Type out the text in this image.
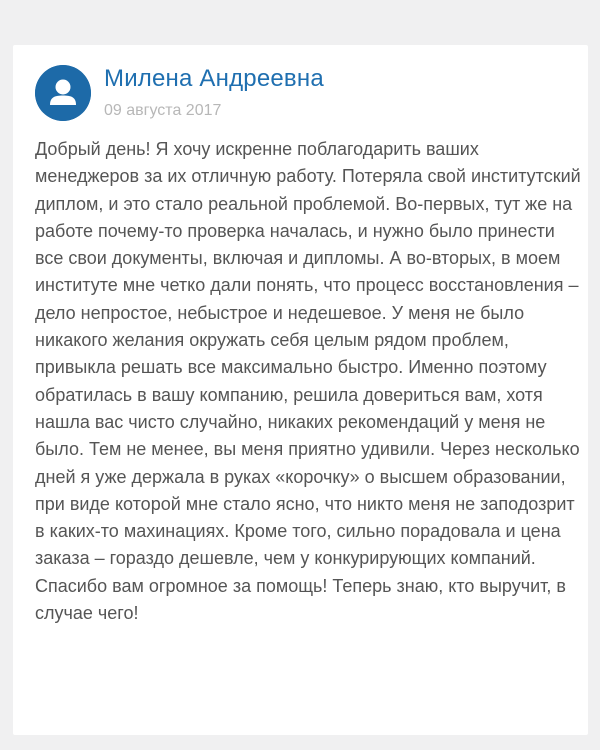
Милена Андреевна
09 августа 2017
Добрый день! Я хочу искренне поблагодарить ваших менеджеров за их отличную работу. Потеряла свой институтский диплом, и это стало реальной проблемой. Во-первых, тут же на работе почему-то проверка началась, и нужно было принести все свои документы, включая и дипломы. А во-вторых, в моем институте мне четко дали понять, что процесс восстановления – дело непростое, небыстрое и недешевое. У меня не было никакого желания окружать себя целым рядом проблем, привыкла решать все максимально быстро. Именно поэтому обратилась в вашу компанию, решила довериться вам, хотя нашла вас чисто случайно, никаких рекомендаций у меня не было. Тем не менее, вы меня приятно удивили. Через несколько дней я уже держала в руках «корочку» о высшем образовании, при виде которой мне стало ясно, что никто меня не заподозрит в каких-то махинациях. Кроме того, сильно порадовала и цена заказа – гораздо дешевле, чем у конкурирующих компаний. Спасибо вам огромное за помощь! Теперь знаю, кто выручит, в случае чего!
